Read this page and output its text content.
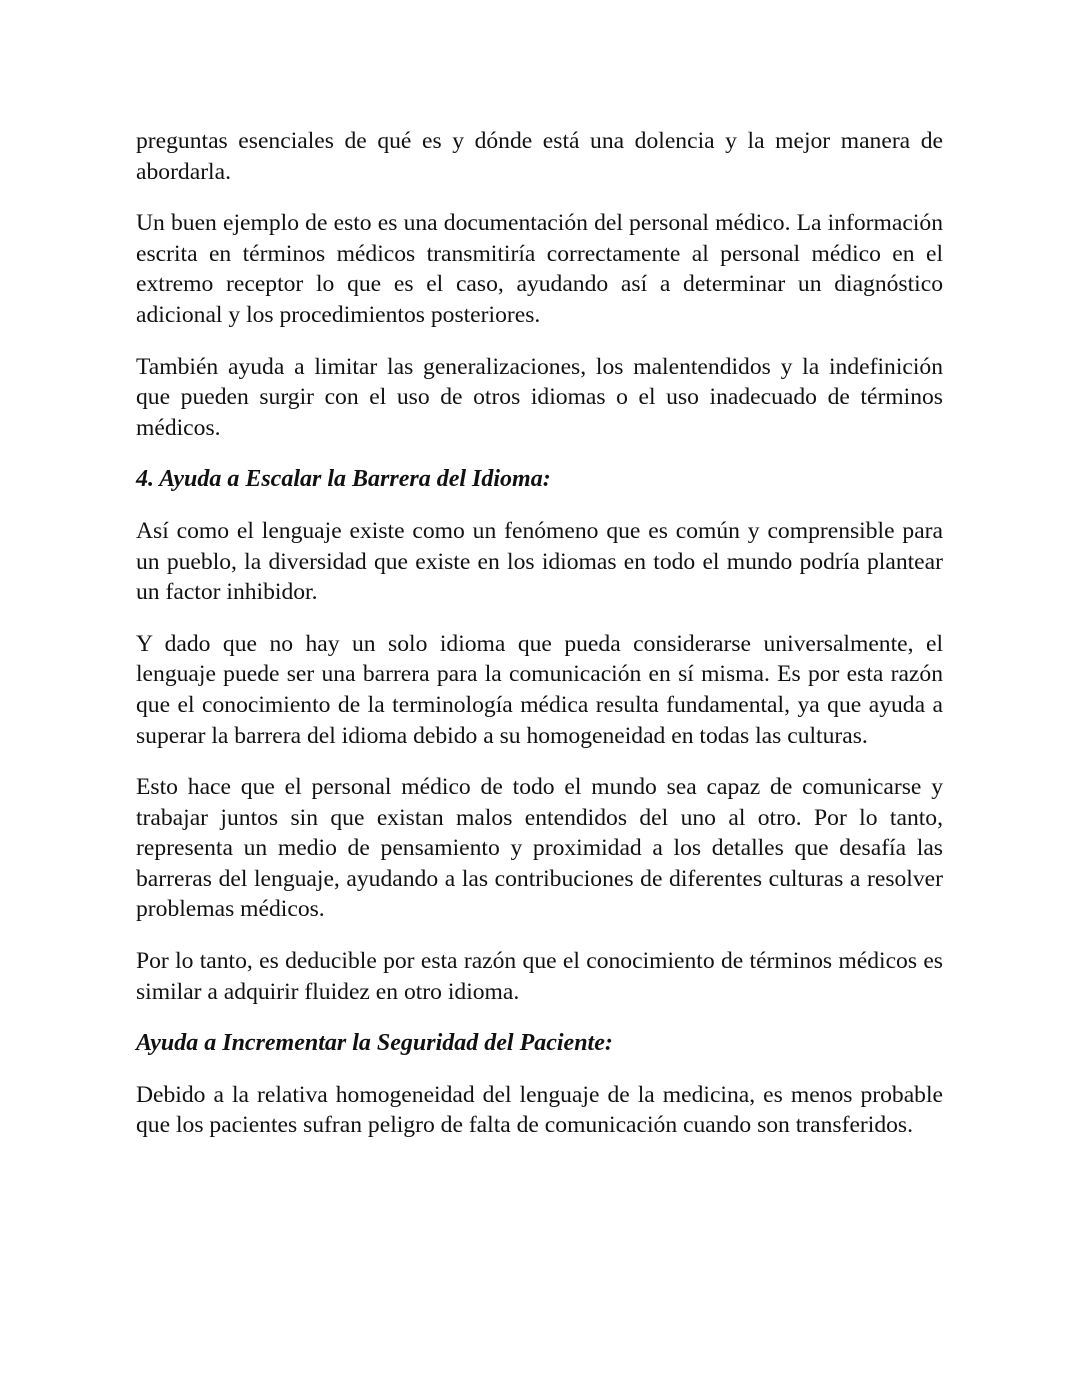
preguntas esenciales de qué es y dónde está una dolencia y la mejor manera de abordarla.

Un buen ejemplo de esto es una documentación del personal médico. La información escrita en términos médicos transmitiría correctamente al personal médico en el extremo receptor lo que es el caso, ayudando así a determinar un diagnóstico adicional y los procedimientos posteriores.

También ayuda a limitar las generalizaciones, los malentendidos y la indefinición que pueden surgir con el uso de otros idiomas o el uso inadecuado de términos médicos.

4. Ayuda a Escalar la Barrera del Idioma:

Así como el lenguaje existe como un fenómeno que es común y comprensible para un pueblo, la diversidad que existe en los idiomas en todo el mundo podría plantear un factor inhibidor.

Y dado que no hay un solo idioma que pueda considerarse universalmente, el lenguaje puede ser una barrera para la comunicación en sí misma. Es por esta razón que el conocimiento de la terminología médica resulta fundamental, ya que ayuda a superar la barrera del idioma debido a su homogeneidad en todas las culturas.

Esto hace que el personal médico de todo el mundo sea capaz de comunicarse y trabajar juntos sin que existan malos entendidos del uno al otro. Por lo tanto, representa un medio de pensamiento y proximidad a los detalles que desafía las barreras del lenguaje, ayudando a las contribuciones de diferentes culturas a resolver problemas médicos.

Por lo tanto, es deducible por esta razón que el conocimiento de términos médicos es similar a adquirir fluidez en otro idioma.

Ayuda a Incrementar la Seguridad del Paciente:

Debido a la relativa homogeneidad del lenguaje de la medicina, es menos probable que los pacientes sufran peligro de falta de comunicación cuando son transferidos.
